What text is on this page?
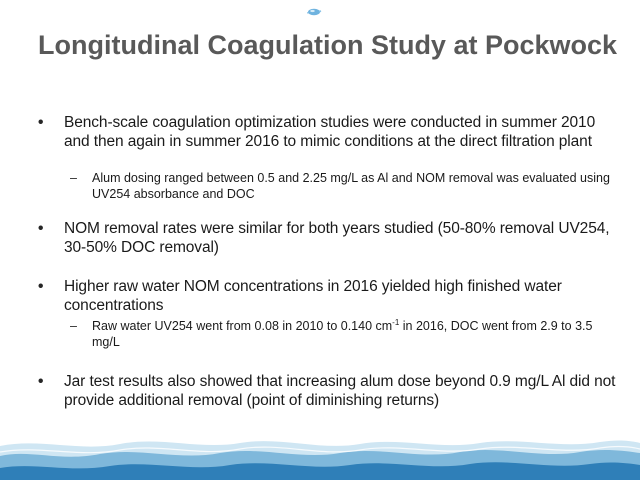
Longitudinal Coagulation Study at Pockwock
• Bench-scale coagulation optimization studies were conducted in summer 2010 and then again in summer 2016 to mimic conditions at the direct filtration plant
– Alum dosing ranged between 0.5 and 2.25 mg/L as Al and NOM removal was evaluated using UV254 absorbance and DOC
• NOM removal rates were similar for both years studied (50-80% removal UV254, 30-50% DOC removal)
• Higher raw water NOM concentrations in 2016 yielded high finished water concentrations
– Raw water UV254 went from 0.08 in 2010 to 0.140 $cm^{-1}$ in 2016, DOC went from 2.9 to 3.5 mg/L
• Jar test results also showed that increasing alum dose beyond 0.9 mg/L Al did not provide additional removal (point of diminishing returns)
